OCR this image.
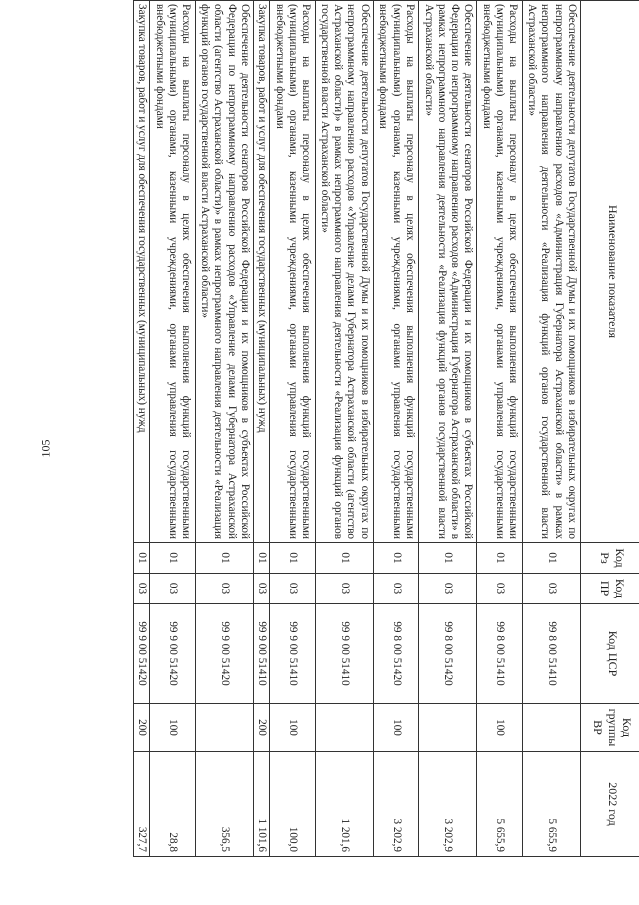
105
Наименование показателя	Код Рз	Код ПР	Код ЦСР	Код группы ВР	2022 год
Обеспечение деятельности депутатов Государственной Думы и их помощников в избирательных округах по непрограммному направлению расходов «Администрация Губернатора Астраханской области» в рамках непрограммного направления деятельности «Реализация функций органов государственной власти Астраханской области»	01	03	99 8 00 51410		5 655,9
Расходы на выплаты персоналу в целях обеспечения выполнения функций государственными (муниципальными) органами, казенными учреждениями, органами управления государственными внебюджетными фондами	01	03	99 8 00 51410	100	5 655,9
Обеспечение деятельности сенаторов Российской Федерации и их помощников в субъектах Российской Федерации по непрограммному направлению расходов «Администрация Губернатора Астраханской области» в рамках непрограммного направления деятельности «Реализация функций органов государственной власти Астраханской области»	01	03	99 8 00 51420		3 202,9
Расходы на выплаты персоналу в целях обеспечения выполнения функций государственными (муниципальными) органами, казенными учреждениями, органами управления государственными внебюджетными фондами	01	03	99 8 00 51420	100	3 202,9
Обеспечение деятельности депутатов Государственной Думы и их помощников в избирательных округах по непрограммному направлению расходов «Управление делами Губернатора Астраханской области (агентство Астраханской области)» в рамках непрограммного направления деятельности «Реализация функций органов государственной власти Астраханской области»	01	03	99 9 00 51410		1 201,6
Расходы на выплаты персоналу в целях обеспечения выполнения функций государственными (муниципальными) органами, казенными учреждениями, органами управления государственными внебюджетными фондами	01	03	99 9 00 51410	100	100,0
Закупка товаров, работ и услуг для обеспечения государственных (муниципальных) нужд	01	03	99 9 00 51410	200	1 101,6
Обеспечение деятельности сенаторов Российской Федерации и их помощников в субъектах Российской Федерации по непрограммному направлению расходов «Управление делами Губернатора Астраханской области (агентство Астраханской области)» в рамках непрограммного направления деятельности «Реализация функций органов государственной власти Астраханской области»	01	03	99 9 00 51420		356,5
Расходы на выплаты персоналу в целях обеспечения выполнения функций государственными (муниципальными) органами, казенными учреждениями, органами управления государственными внебюджетными фондами	01	03	99 9 00 51420	100	28,8
Закупка товаров, работ и услуг для обеспечения государственных (муниципальных) нужд	01	03	99 9 00 51420	200	327,7
